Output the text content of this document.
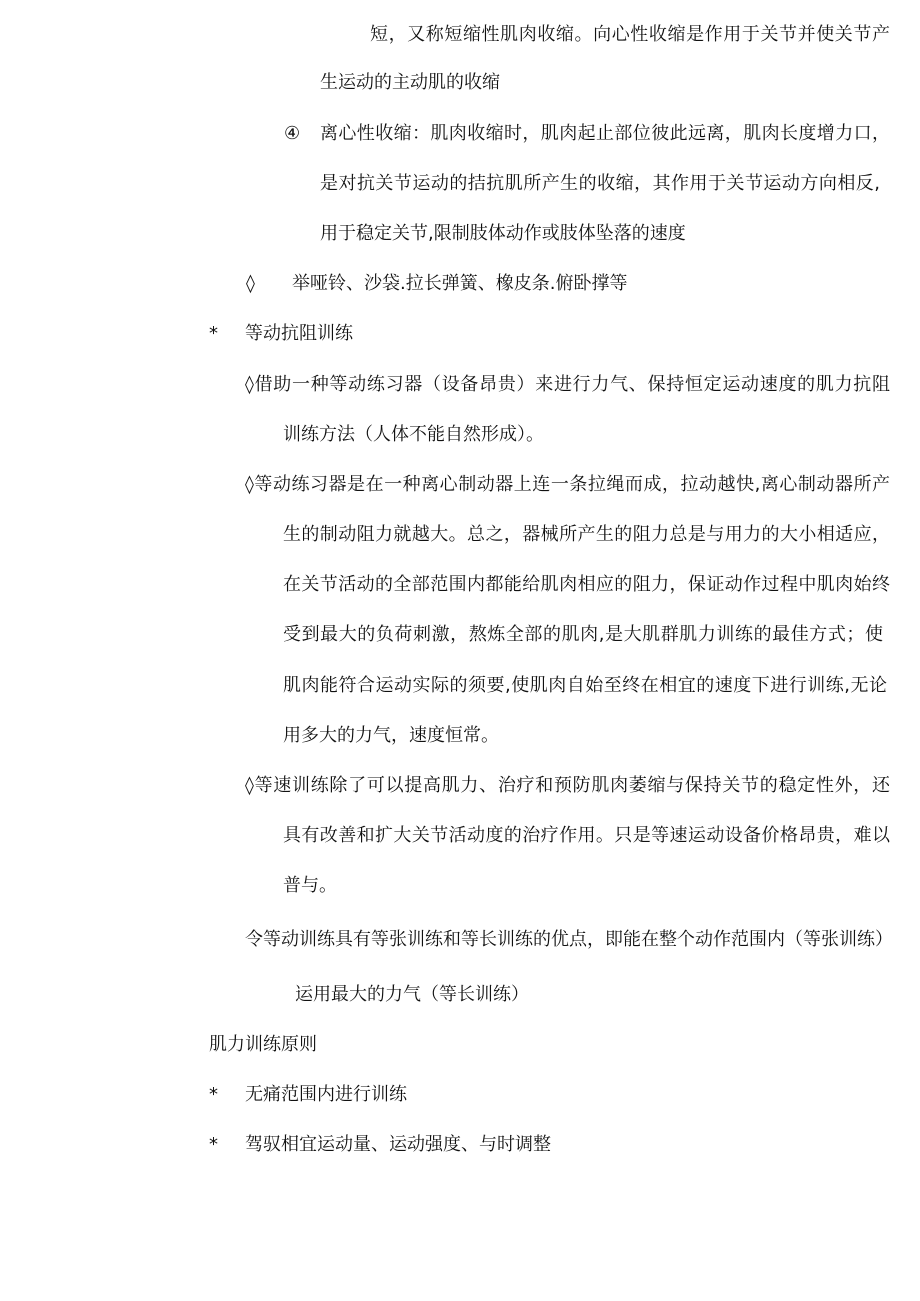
短，又称短缩性肌肉收缩。向心性收缩是作用于关节并使关节产
生运动的主动肌的收缩
④ 离心性收缩：肌肉收缩时，肌肉起止部位彼此远离，肌肉长度增力口，
是对抗关节运动的拮抗肌所产生的收缩，其作用于关节运动方向相反,
用于稳定关节,限制肢体动作或肢体坠落的速度
◊ 举哑铃、沙袋.拉长弹簧、橡皮条.俯卧撑等
* 等动抗阻训练
◊借助一种等动练习器（设备昂贵）来进行力气、保持恒定运动速度的肌力抗阻
训练方法（人体不能自然形成）。
◊等动练习器是在一种离心制动器上连一条拉绳而成，拉动越快,离心制动器所产
生的制动阻力就越大。总之，器械所产生的阻力总是与用力的大小相适应，
在关节活动的全部范围内都能给肌肉相应的阻力，保证动作过程中肌肉始终
受到最大的负荷刺激，熬炼全部的肌肉,是大肌群肌力训练的最佳方式；使
肌肉能符合运动实际的须要,使肌肉自始至终在相宜的速度下进行训练,无论
用多大的力气，速度恒常。
◊等速训练除了可以提高肌力、治疗和预防肌肉萎缩与保持关节的稳定性外，还
具有改善和扩大关节活动度的治疗作用。只是等速运动设备价格昂贵，难以
普与。
令等动训练具有等张训练和等长训练的优点，即能在整个动作范围内（等张训练）
运用最大的力气（等长训练）
肌力训练原则
* 无痛范围内进行训练
* 驾驭相宜运动量、运动强度、与时调整
